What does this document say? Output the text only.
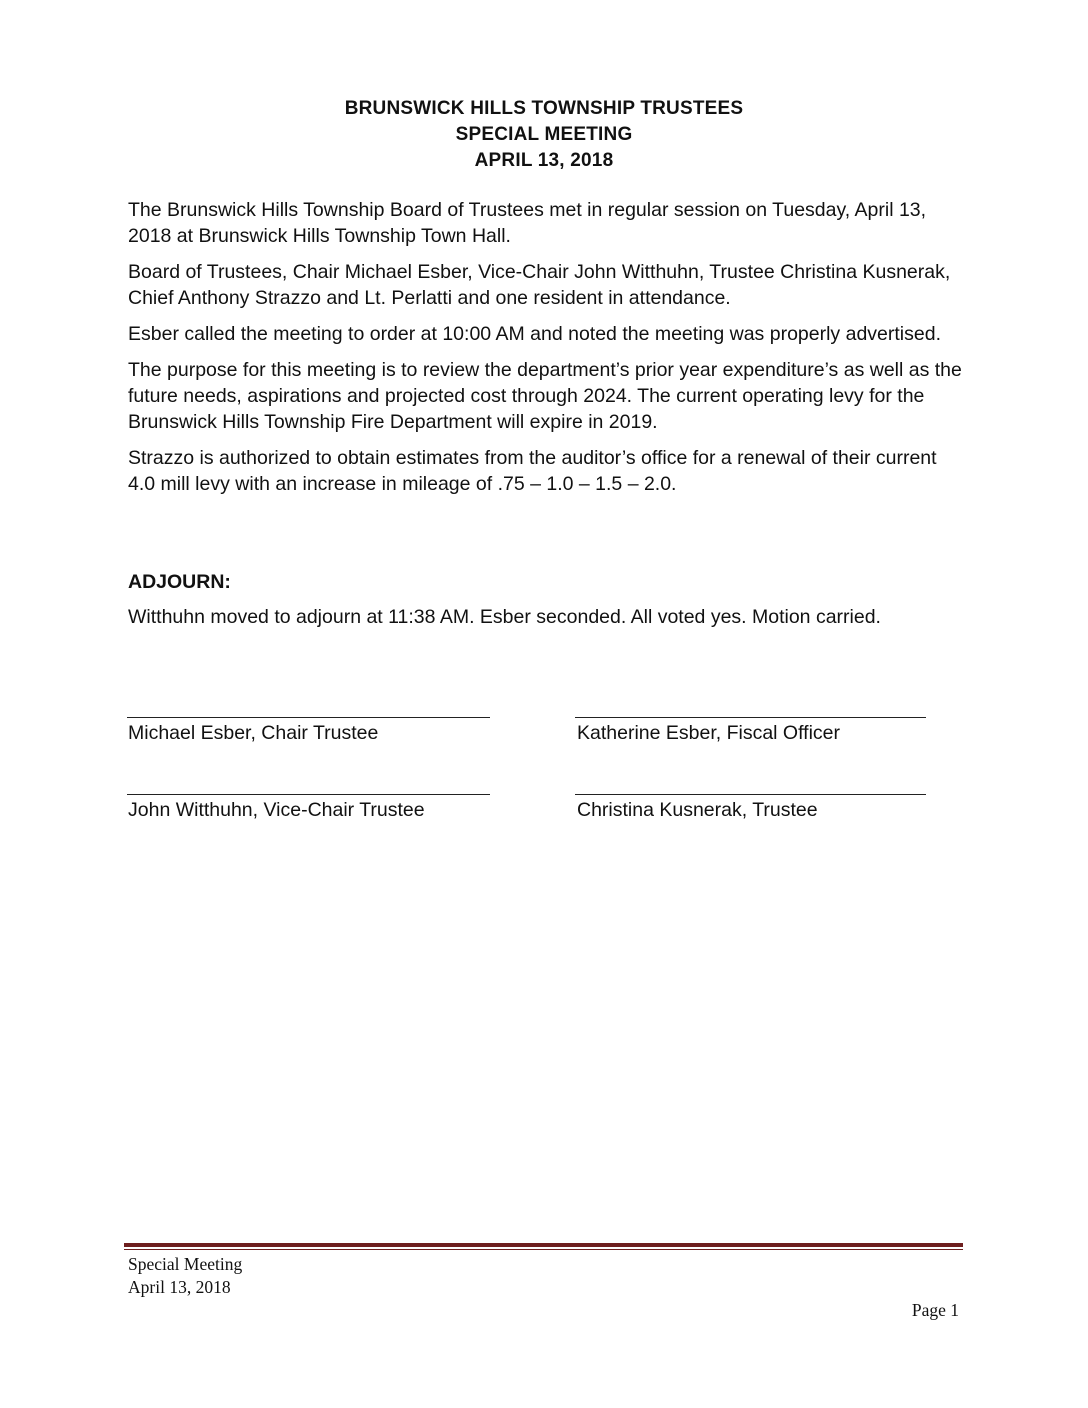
BRUNSWICK HILLS TOWNSHIP TRUSTEES
SPECIAL MEETING
APRIL 13, 2018

The Brunswick Hills Township Board of Trustees met in regular session on Tuesday, April 13, 2018 at Brunswick Hills Township Town Hall.

Board of Trustees, Chair Michael Esber, Vice-Chair John Witthuhn, Trustee Christina Kusnerak, Chief Anthony Strazzo and Lt. Perlatti and one resident in attendance.

Esber called the meeting to order at 10:00 AM and noted the meeting was properly advertised.

The purpose for this meeting is to review the department’s prior year expenditure’s as well as the future needs, aspirations and projected cost through 2024. The current operating levy for the Brunswick Hills Township Fire Department will expire in 2019.

Strazzo is authorized to obtain estimates from the auditor’s office for a renewal of their current 4.0 mill levy with an increase in mileage of .75 – 1.0 – 1.5 – 2.0.

ADJOURN:
Witthuhn moved to adjourn at 11:38 AM. Esber seconded. All voted yes. Motion carried.
Michael Esber, Chair Trustee	Katherine Esber, Fiscal Officer
John Witthuhn, Vice-Chair Trustee	Christina Kusnerak, Trustee
Special Meeting
April 13, 2018
Page 1
